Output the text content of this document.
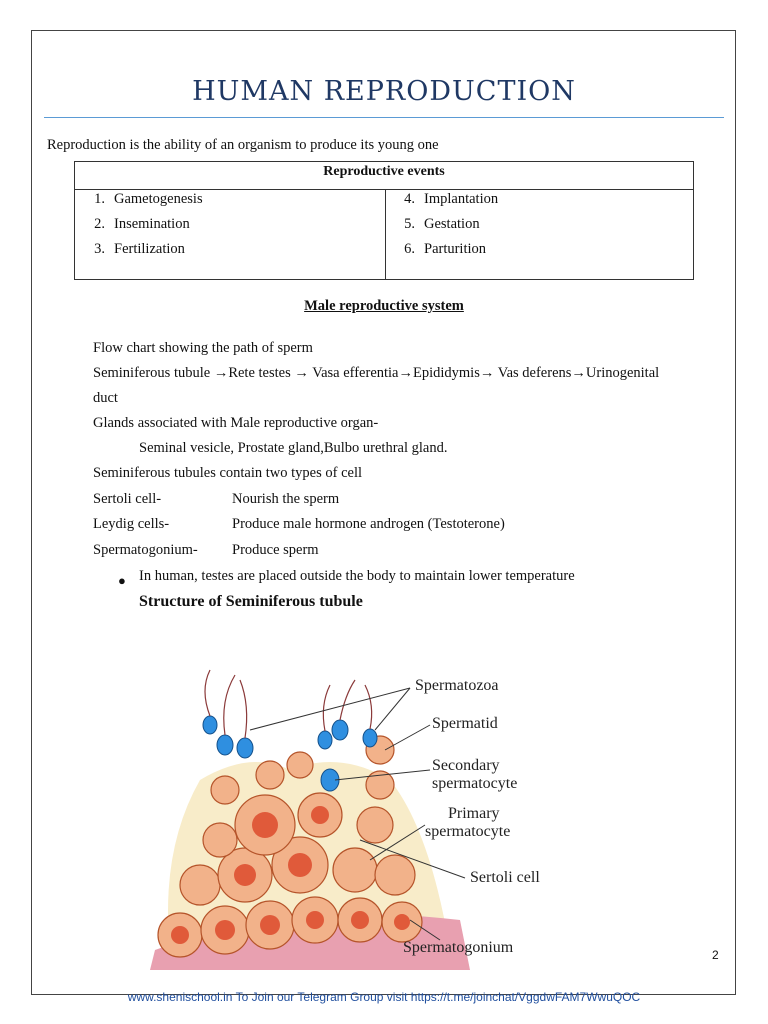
HUMAN REPRODUCTION
Reproduction is the ability of an organism to produce its young one
Reproductive events
1. Gametogenesis
2. Insemination
3. Fertilization
4. Implantation
5. Gestation
6. Parturition
Male reproductive system
Flow chart showing the path of sperm
Seminiferous tubule →Rete testes → Vasa efferentia→Epididymis→ Vas deferens→Urinogenital
duct
Glands associated with Male reproductive organ-
Seminal vesicle, Prostate gland,Bulbo urethral gland.
Seminiferous tubules contain two types of cell
Sertoli cell-	Nourish the sperm
Leydig cells-	Produce male hormone androgen (Testoterone)
Spermatogonium- Produce sperm
● In human, testes are placed outside the body to maintain lower temperature
Structure of Seminiferous tubule
Spermatozoa
Spermatid
Secondary
spermatocyte
Primary
spermatocyte
Sertoli cell
Spermatogonium	2
www.shenischool.in To Join our Telegram Group visit https://t.me/joinchat/VggdwFAM7WwuQOC
